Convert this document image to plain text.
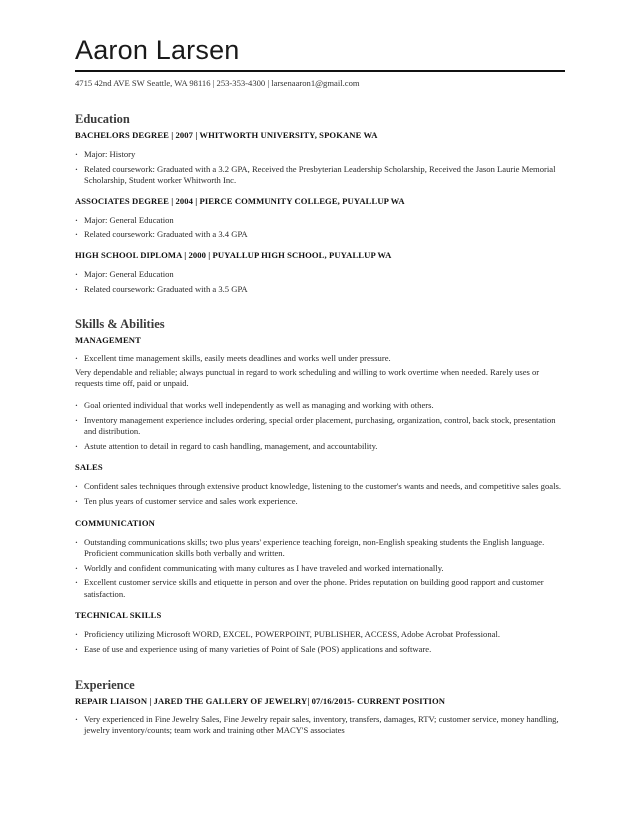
Aaron Larsen
4715 42nd AVE SW Seattle, WA 98116 | 253-353-4300 | larsenaaron1@gmail.com
Education
BACHELORS DEGREE | 2007 | WHITWORTH UNIVERSITY, SPOKANE WA
· Major: History
· Related coursework: Graduated with a 3.2 GPA, Received the Presbyterian Leadership Scholarship, Received the Jason Laurie Memorial Scholarship, Student worker Whitworth Inc.
ASSOCIATES DEGREE | 2004 | PIERCE COMMUNITY COLLEGE, PUYALLUP WA
· Major: General Education
· Related coursework: Graduated with a 3.4 GPA
HIGH SCHOOL DIPLOMA | 2000 | PUYALLUP HIGH SCHOOL, PUYALLUP WA
· Major: General Education
· Related coursework: Graduated with a 3.5 GPA
Skills & Abilities
MANAGEMENT
· Excellent time management skills, easily meets deadlines and works well under pressure.

Very dependable and reliable; always punctual in regard to work scheduling and willing to work overtime when needed. Rarely uses or requests time off, paid or unpaid.

· Goal oriented individual that works well independently as well as managing and working with others.
· Inventory management experience includes ordering, special order placement, purchasing, organization, control, back stock, presentation and distribution.
· Astute attention to detail in regard to cash handling, management, and accountability.
SALES
· Confident sales techniques through extensive product knowledge, listening to the customer's wants and needs, and competitive sales goals.
· Ten plus years of customer service and sales work experience.
COMMUNICATION
· Outstanding communications skills; two plus years' experience teaching foreign, non-English speaking students the English language. Proficient communication skills both verbally and written.
· Worldly and confident communicating with many cultures as I have traveled and worked internationally.
· Excellent customer service skills and etiquette in person and over the phone. Prides reputation on building good rapport and customer satisfaction.
TECHNICAL SKILLS
· Proficiency utilizing Microsoft WORD, EXCEL, POWERPOINT, PUBLISHER, ACCESS, Adobe Acrobat Professional.
· Ease of use and experience using of many varieties of Point of Sale (POS) applications and software.
Experience
REPAIR LIAISON | JARED THE GALLERY OF JEWELRY| 07/16/2015- CURRENT POSITION
· Very experienced in Fine Jewelry Sales, Fine Jewelry repair sales, inventory, transfers, damages, RTV; customer service, money handling, jewelry inventory/counts; team work and training other MACY'S associates
